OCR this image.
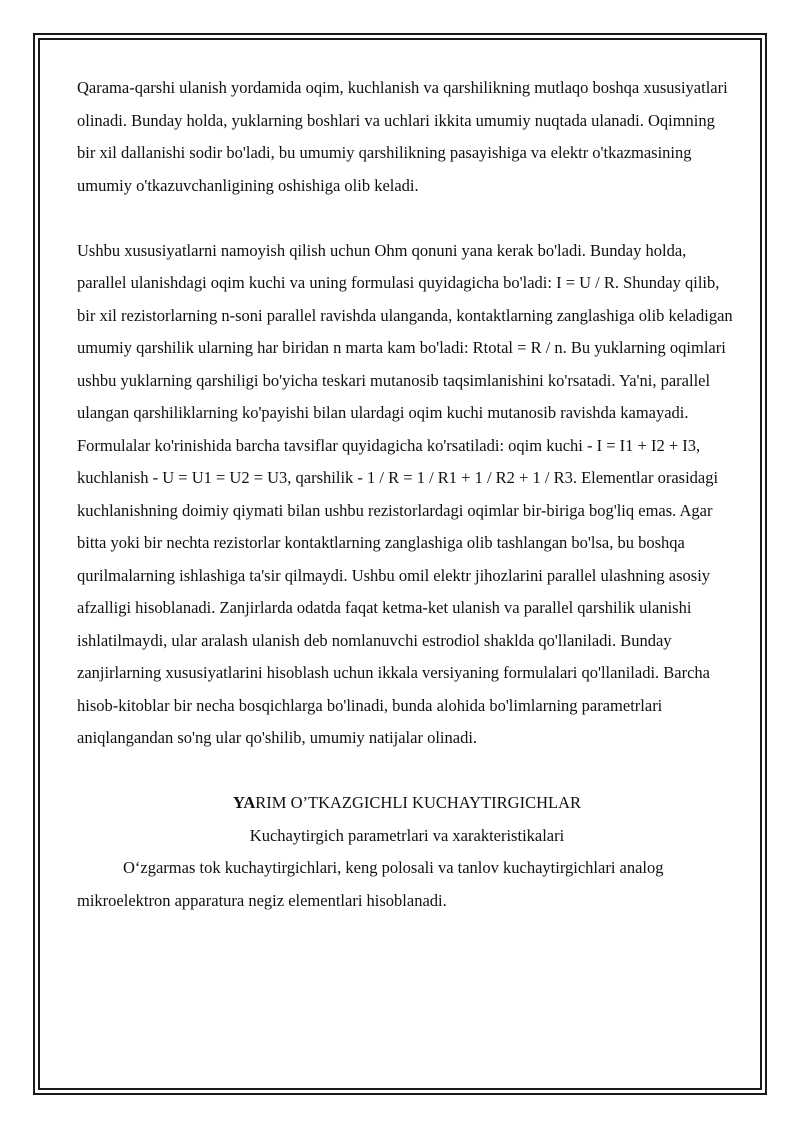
Qarama-qarshi ulanish yordamida oqim, kuchlanish va qarshilikning mutlaqo boshqa xususiyatlari olinadi. Bunday holda, yuklarning boshlari va uchlari ikkita umumiy nuqtada ulanadi. Oqimning bir xil dallanishi sodir bo'ladi, bu umumiy qarshilikning pasayishiga va elektr o'tkazmasining umumiy o'tkazuvchanligining oshishiga olib keladi.

Ushbu xususiyatlarni namoyish qilish uchun Ohm qonuni yana kerak bo'ladi. Bunday holda, parallel ulanishdagi oqim kuchi va uning formulasi quyidagicha bo'ladi: I = U / R. Shunday qilib, bir xil rezistorlarning n-soni parallel ravishda ulanganda, kontaktlarning zanglashiga olib keladigan umumiy qarshilik ularning har biridan n marta kam bo'ladi: Rtotal = R / n. Bu yuklarning oqimlari ushbu yuklarning qarshiligi bo'yicha teskari mutanosib taqsimlanishini ko'rsatadi. Ya'ni, parallel ulangan qarshiliklarning ko'payishi bilan ulardagi oqim kuchi mutanosib ravishda kamayadi. Formulalar ko'rinishida barcha tavsiflar quyidagicha ko'rsatiladi: oqim kuchi - I = I1 + I2 + I3, kuchlanish - U = U1 = U2 = U3, qarshilik - 1 / R = 1 / R1 + 1 / R2 + 1 / R3. Elementlar orasidagi kuchlanishning doimiy qiymati bilan ushbu rezistorlardagi oqimlar bir-biriga bog'liq emas. Agar bitta yoki bir nechta rezistorlar kontaktlarning zanglashiga olib tashlangan bo'lsa, bu boshqa qurilmalarning ishlashiga ta'sir qilmaydi. Ushbu omil elektr jihozlarini parallel ulashning asosiy afzalligi hisoblanadi. Zanjirlarda odatda faqat ketma-ket ulanish va parallel qarshilik ulanishi ishlatilmaydi, ular aralash ulanish deb nomlanuvchi estrodiol shaklda qo'llaniladi. Bunday zanjirlarning xususiyatlarini hisoblash uchun ikkala versiyaning formulalari qo'llaniladi. Barcha hisob-kitoblar bir necha bosqichlarga bo'linadi, bunda alohida bo'limlarning parametrlari aniqlangandan so'ng ular qo'shilib, umumiy natijalar olinadi.

YARIM O’TKAZGICHLI KUCHAYTIRGICHLAR

Kuchaytirgich parametrlari va xarakteristikalari

O‘zgarmas tok kuchaytirgichlari, keng polosali va tanlov kuchaytirgichlari analog mikroelektron apparatura negiz elementlari hisoblanadi.
